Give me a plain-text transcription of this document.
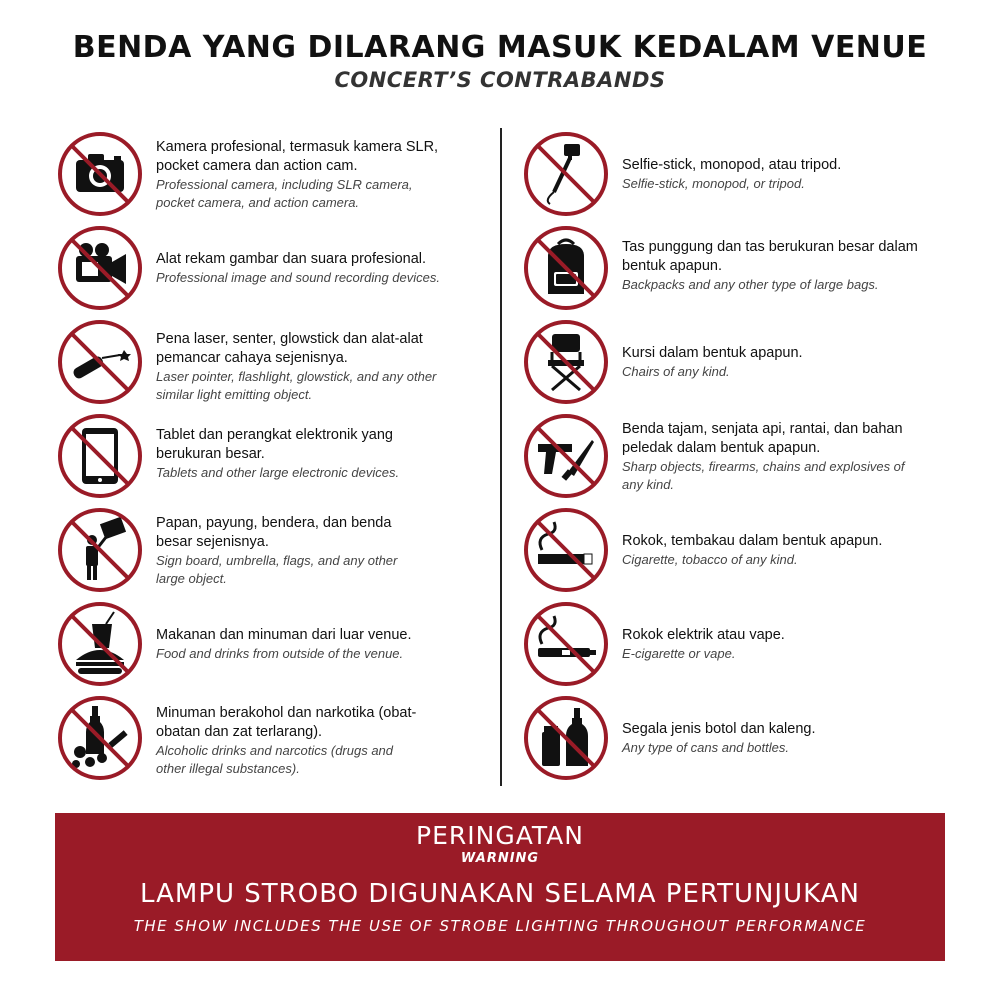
BENDA YANG DILARANG MASUK KEDALAM VENUE
CONCERT’S CONTRABANDS
Kamera profesional, termasuk kamera SLR,
pocket camera dan action cam.
Professional camera, including SLR camera,
pocket camera, and action camera.
Alat rekam gambar dan suara profesional.
Professional image and sound recording devices.
Pena laser, senter, glowstick dan alat-alat
pemancar cahaya sejenisnya.
Laser pointer, flashlight, glowstick, and any other
similar light emitting object.
Tablet dan perangkat elektronik yang
berukuran besar.
Tablets and other large electronic devices.
Papan, payung, bendera, dan benda
besar sejenisnya.
Sign board, umbrella, flags, and any other
large object.
Makanan dan minuman dari luar venue.
Food and drinks from outside of the venue.
Minuman berakohol dan narkotika (obat-
obatan dan zat terlarang).
Alcoholic drinks and narcotics (drugs and
other illegal substances).
Selfie-stick, monopod, atau tripod.
Selfie-stick, monopod, or tripod.
Tas punggung dan tas berukuran besar dalam
bentuk apapun.
Backpacks and any other type of large bags.
Kursi dalam bentuk apapun.
Chairs of any kind.
Benda tajam, senjata api, rantai, dan bahan
peledak dalam bentuk apapun.
Sharp objects, firearms, chains and explosives of
any kind.
Rokok, tembakau dalam bentuk apapun.
Cigarette, tobacco of any kind.
Rokok elektrik atau vape.
E-cigarette or vape.
Segala jenis botol dan kaleng.
Any type of cans and bottles.
PERINGATAN
WARNING
LAMPU STROBO DIGUNAKAN SELAMA PERTUNJUKAN
THE SHOW INCLUDES THE USE OF STROBE LIGHTING THROUGHOUT PERFORMANCE
